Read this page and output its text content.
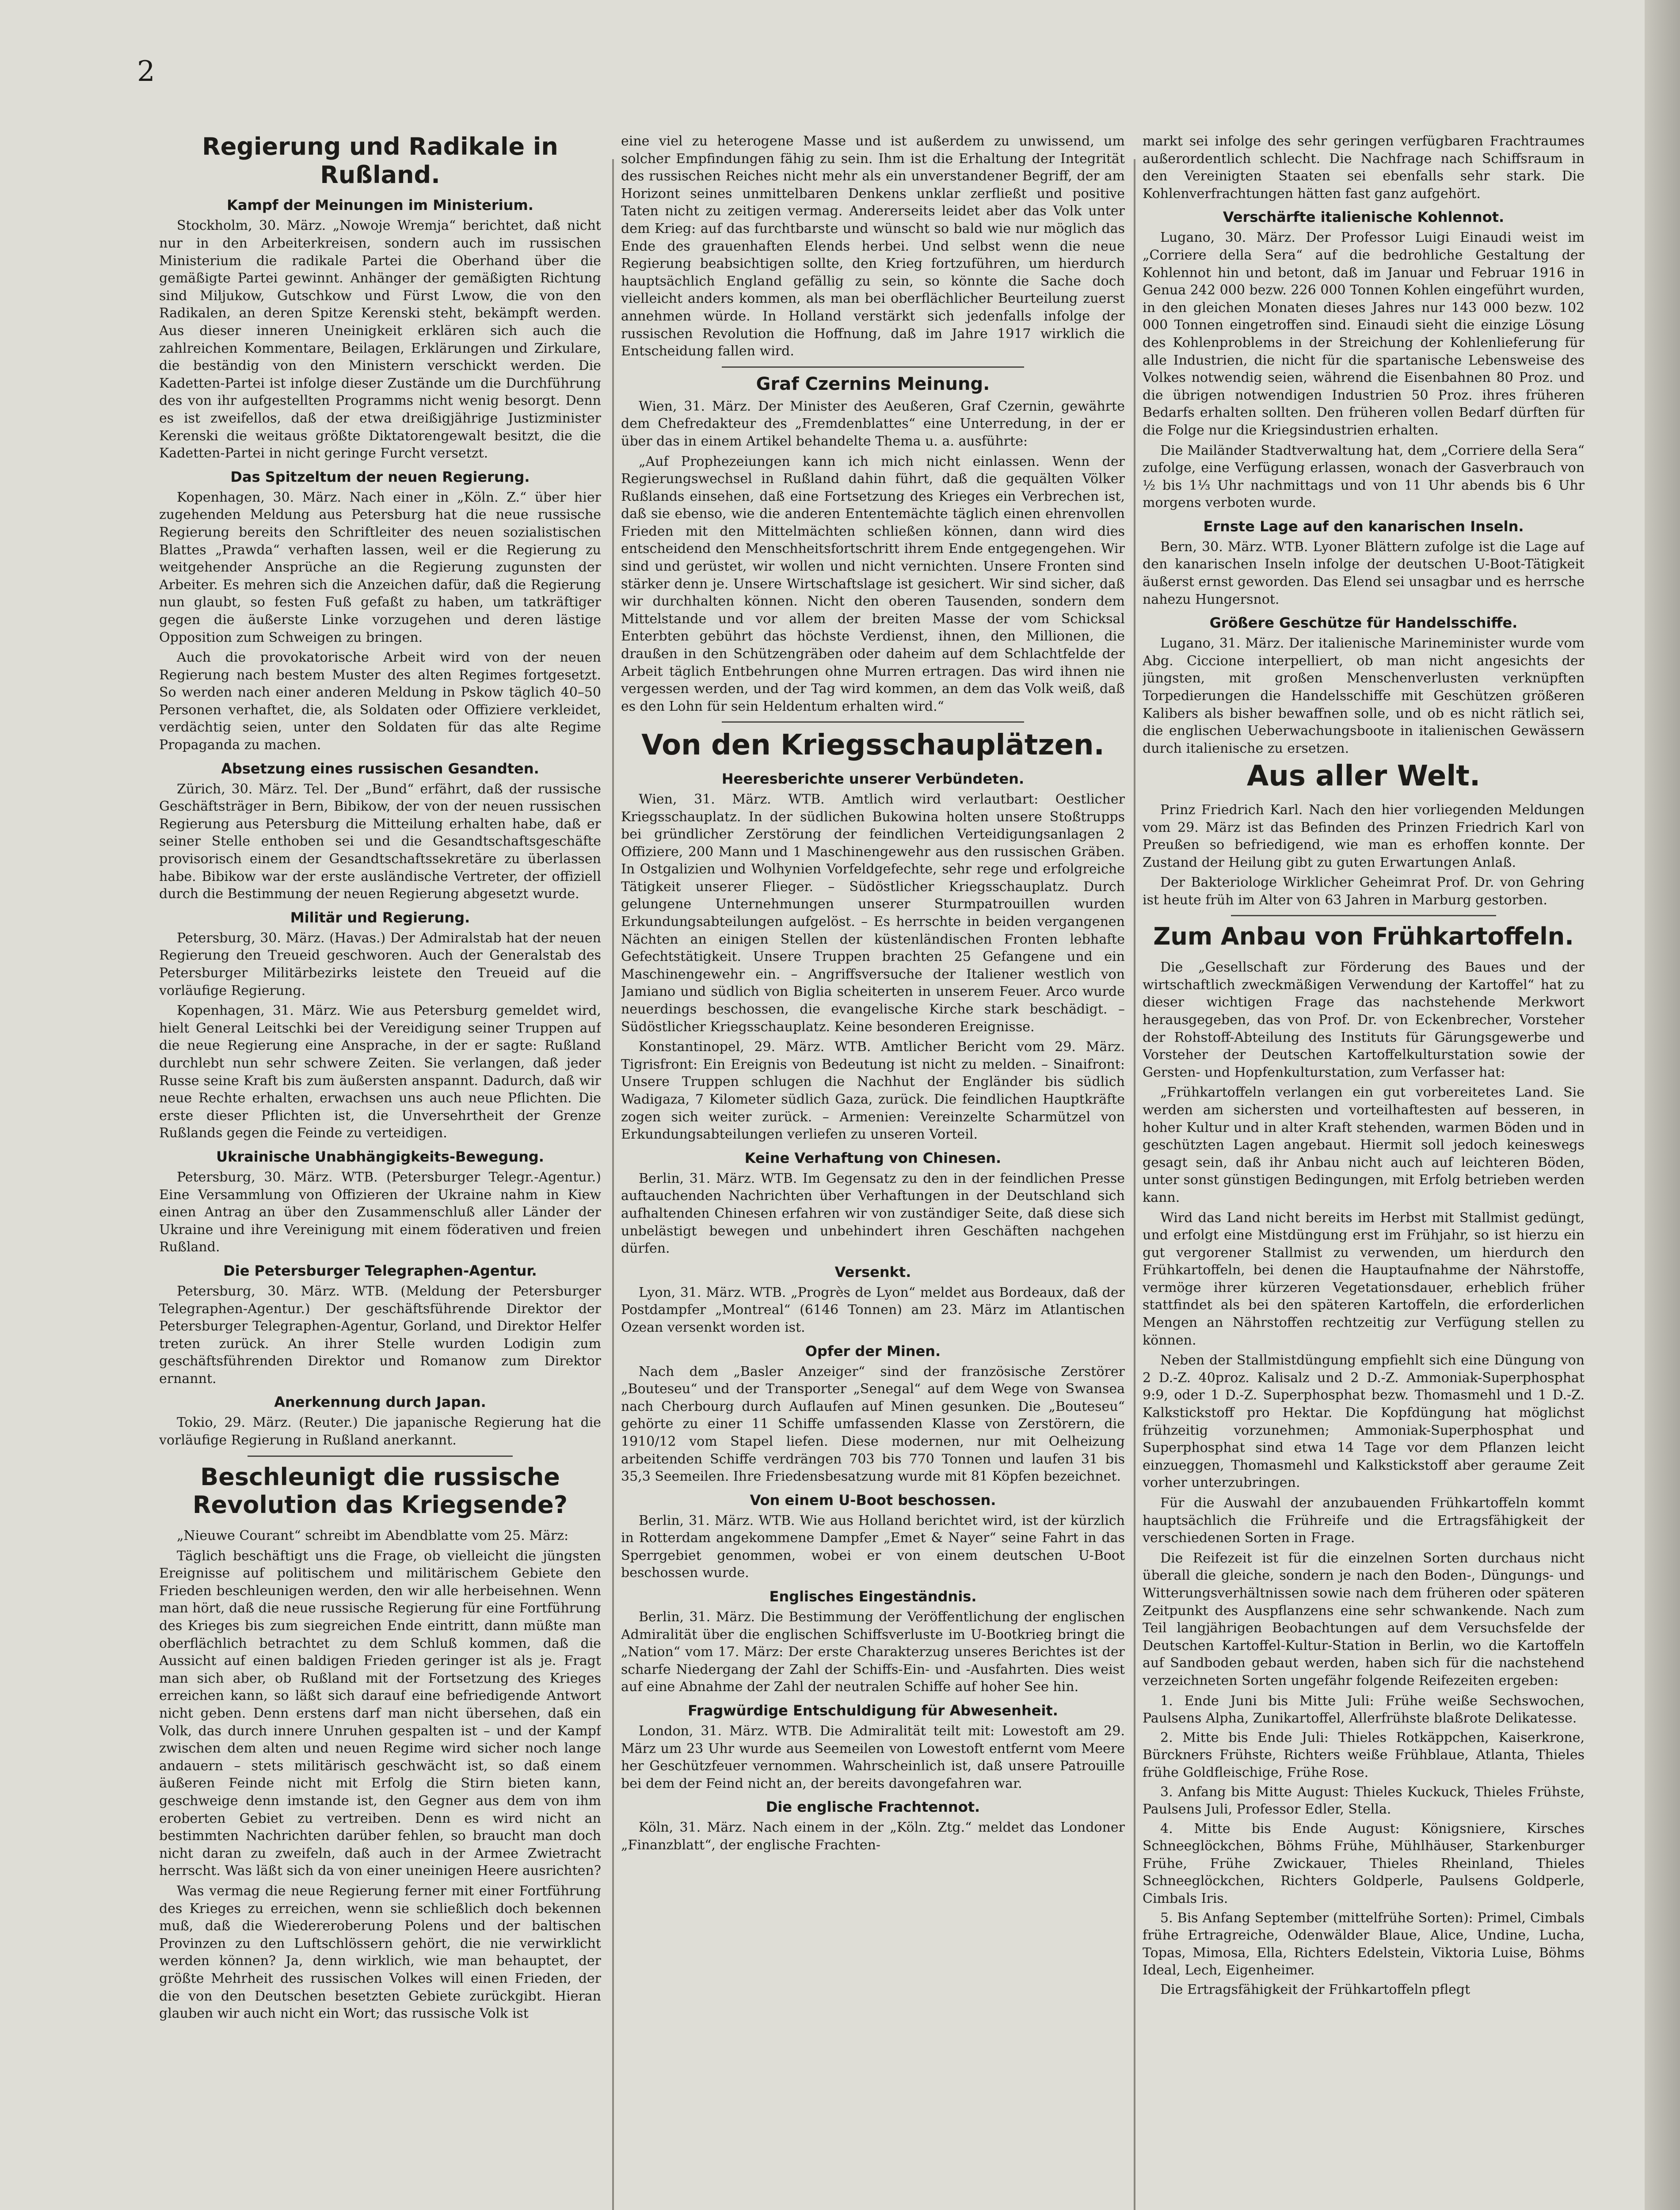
2
Regierung und Radikale in Rußland.
Kampf der Meinungen im Ministerium.

Stockholm, 30. März. „Nowoje Wremja“ berichtet, daß nicht nur in den Arbeiterkreisen, sondern auch im russischen Ministerium die radikale Partei die Oberhand über die gemäßigte Partei gewinnt. Anhänger der gemäßigten Richtung sind Miljukow, Gutschkow und Fürst Lwow, die von den Radikalen, an deren Spitze Kerenski steht, bekämpft werden. Aus dieser inneren Uneinigkeit erklären sich auch die zahlreichen Kommentare, Beilagen, Erklärungen und Zirkulare, die beständig von den Ministern verschickt werden. Die Kadetten-Partei ist infolge dieser Zustände um die Durchführung des von ihr aufgestellten Programms nicht wenig besorgt. Denn es ist zweifellos, daß der etwa dreißigjährige Justizminister Kerenski die weitaus größte Diktatorengewalt besitzt, die die Kadetten-Partei in nicht geringe Furcht versetzt.

Das Spitzeltum der neuen Regierung.

Kopenhagen, 30. März. Nach einer in „Köln. Z.“ über hier zugehenden Meldung aus Petersburg hat die neue russische Regierung bereits den Schriftleiter des neuen sozialistischen Blattes „Prawda“ verhaften lassen, weil er die Regierung zu weitgehender Ansprüche an die Regierung zugunsten der Arbeiter. Es mehren sich die Anzeichen dafür, daß die Regierung nun glaubt, so festen Fuß gefaßt zu haben, um tatkräftiger gegen die äußerste Linke vorzugehen und deren lästige Opposition zum Schweigen zu bringen.

Auch die provokatorische Arbeit wird von der neuen Regierung nach bestem Muster des alten Regimes fortgesetzt. So werden nach einer anderen Meldung in Pskow täglich 40–50 Personen verhaftet, die, als Soldaten oder Offiziere verkleidet, verdächtig seien, unter den Soldaten für das alte Regime Propaganda zu machen.

Absetzung eines russischen Gesandten.

Zürich, 30. März. Tel. Der „Bund“ erfährt, daß der russische Geschäftsträger in Bern, Bibikow, der von der neuen russischen Regierung aus Petersburg die Mitteilung erhalten habe, daß er seiner Stelle enthoben sei und die Gesandtschaftsgeschäfte provisorisch einem der Gesandtschaftssekretäre zu überlassen habe. Bibikow war der erste ausländische Vertreter, der offiziell durch die Bestimmung der neuen Regierung abgesetzt wurde.

Militär und Regierung.

Petersburg, 30. März. (Havas.) Der Admiralstab hat der neuen Regierung den Treueid geschworen. Auch der Generalstab des Petersburger Militärbezirks leistete den Treueid auf die vorläufige Regierung.

Kopenhagen, 31. März. Wie aus Petersburg gemeldet wird, hielt General Leitschki bei der Vereidigung seiner Truppen auf die neue Regierung eine Ansprache, in der er sagte: Rußland durchlebt nun sehr schwere Zeiten. Sie verlangen, daß jeder Russe seine Kraft bis zum äußersten anspannt. Dadurch, daß wir neue Rechte erhalten, erwachsen uns auch neue Pflichten. Die erste dieser Pflichten ist, die Unversehrtheit der Grenze Rußlands gegen die Feinde zu verteidigen.

Ukrainische Unabhängigkeits-Bewegung.

Petersburg, 30. März. WTB. (Petersburger Telegr.-Agentur.) Eine Versammlung von Offizieren der Ukraine nahm in Kiew einen Antrag an über den Zusammenschluß aller Länder der Ukraine und ihre Vereinigung mit einem föderativen und freien Rußland.

Die Petersburger Telegraphen-Agentur.

Petersburg, 30. März. WTB. (Meldung der Petersburger Telegraphen-Agentur.) Der geschäftsführende Direktor der Petersburger Telegraphen-Agentur, Gorland, und Direktor Helfer treten zurück. An ihrer Stelle wurden Lodigin zum geschäftsführenden Direktor und Romanow zum Direktor ernannt.

Anerkennung durch Japan.

Tokio, 29. März. (Reuter.) Die japanische Regierung hat die vorläufige Regierung in Rußland anerkannt.

Beschleunigt die russische Revolution das Kriegsende?

„Nieuwe Courant“ schreibt im Abendblatte vom 25. März:

Täglich beschäftigt uns die Frage, ob vielleicht die jüngsten Ereignisse auf politischem und militärischem Gebiete den Frieden beschleunigen werden, den wir alle herbeisehnen. Wenn man hört, daß die neue russische Regierung für eine Fortführung des Krieges bis zum siegreichen Ende eintritt, dann müßte man oberflächlich betrachtet zu dem Schluß kommen, daß die Aussicht auf einen baldigen Frieden geringer ist als je. Fragt man sich aber, ob Rußland mit der Fortsetzung des Krieges erreichen kann, so läßt sich darauf eine befriedigende Antwort nicht geben. Denn erstens darf man nicht übersehen, daß ein Volk, das durch innere Unruhen gespalten ist – und der Kampf zwischen dem alten und neuen Regime wird sicher noch lange andauern – stets militärisch geschwächt ist, so daß einem äußeren Feinde nicht mit Erfolg die Stirn bieten kann, geschweige denn imstande ist, den Gegner aus dem von ihm eroberten Gebiet zu vertreiben. Denn es wird nicht an bestimmten Nachrichten darüber fehlen, so braucht man doch nicht daran zu zweifeln, daß auch in der Armee Zwietracht herrscht. Was läßt sich da von einer uneinigen Heere ausrichten?

Was vermag die neue Regierung ferner mit einer Fortführung des Krieges zu erreichen, wenn sie schließlich doch bekennen muß, daß die Wiedereroberung Polens und der baltischen Provinzen zu den Luftschlössern gehört, die nie verwirklicht werden können? Ja, denn wirklich, wie man behauptet, der größte Mehrheit des russischen Volkes will einen Frieden, der die von den Deutschen besetzten Gebiete zurückgibt. Hieran glauben wir auch nicht ein Wort; das russische Volk ist

eine viel zu heterogene Masse und ist außerdem zu unwissend, um solcher Empfindungen fähig zu sein. Ihm ist die Erhaltung der Integrität des russischen Reiches nicht mehr als ein unverstandener Begriff, der am Horizont seines unmittelbaren Denkens unklar zerfließt und positive Taten nicht zu zeitigen vermag. Andererseits leidet aber das Volk unter dem Krieg: auf das furchtbarste und wünscht so bald wie nur möglich das Ende des grauenhaften Elends herbei. Und selbst wenn die neue Regierung beabsichtigen sollte, den Krieg fortzuführen, um hierdurch hauptsächlich England gefällig zu sein, so könnte die Sache doch vielleicht anders kommen, als man bei oberflächlicher Beurteilung zuerst annehmen würde. In Holland verstärkt sich jedenfalls infolge der russischen Revolution die Hoffnung, daß im Jahre 1917 wirklich die Entscheidung fallen wird.

Graf Czernins Meinung.

Wien, 31. März. Der Minister des Aeußeren, Graf Czernin, gewährte dem Chefredakteur des „Fremdenblattes“ eine Unterredung, in der er über das in einem Artikel behandelte Thema u. a. ausführte:

„Auf Prophezeiungen kann ich mich nicht einlassen. Wenn der Regierungswechsel in Rußland dahin führt, daß die gequälten Völker Rußlands einsehen, daß eine Fortsetzung des Krieges ein Verbrechen ist, daß sie ebenso, wie die anderen Ententemächte täglich einen ehrenvollen Frieden mit den Mittelmächten schließen können, dann wird dies entscheidend den Menschheitsfortschritt ihrem Ende entgegengehen. Wir sind und gerüstet, wir wollen und nicht vernichten. Unsere Fronten sind stärker denn je. Unsere Wirtschaftslage ist gesichert. Wir sind sicher, daß wir durchhalten können. Nicht den oberen Tausenden, sondern dem Mittelstande und vor allem der breiten Masse der vom Schicksal Enterbten gebührt das höchste Verdienst, ihnen, den Millionen, die draußen in den Schützengräben oder daheim auf dem Schlachtfelde der Arbeit täglich Entbehrungen ohne Murren ertragen. Das wird ihnen nie vergessen werden, und der Tag wird kommen, an dem das Volk weiß, daß es den Lohn für sein Heldentum erhalten wird.“

Von den Kriegsschauplätzen.
Heeresberichte unserer Verbündeten.

Wien, 31. März. WTB. Amtlich wird verlautbart: Oestlicher Kriegsschauplatz. In der südlichen Bukowina holten unsere Stoßtrupps bei gründlicher Zerstörung der feindlichen Verteidigungsanlagen 2 Offiziere, 200 Mann und 1 Maschinengewehr aus den russischen Gräben. In Ostgalizien und Wolhynien Vorfeldgefechte, sehr rege und erfolgreiche Tätigkeit unserer Flieger. – Südöstlicher Kriegsschauplatz. Durch gelungene Unternehmungen unserer Sturmpatrouillen wurden Erkundungsabteilungen aufgelöst. – Es herrschte in beiden vergangenen Nächten an einigen Stellen der küstenländischen Fronten lebhafte Gefechtstätigkeit. Unsere Truppen brachten 25 Gefangene und ein Maschinengewehr ein. – Angriffsversuche der Italiener westlich von Jamiano und südlich von Biglia scheiterten in unserem Feuer. Arco wurde neuerdings beschossen, die evangelische Kirche stark beschädigt. – Südöstlicher Kriegsschauplatz. Keine besonderen Ereignisse.

Konstantinopel, 29. März. WTB. Amtlicher Bericht vom 29. März. Tigrisfront: Ein Ereignis von Bedeutung ist nicht zu melden. – Sinaifront: Unsere Truppen schlugen die Nachhut der Engländer bis südlich Wadigaza, 7 Kilometer südlich Gaza, zurück. Die feindlichen Hauptkräfte zogen sich weiter zurück. – Armenien: Vereinzelte Scharmützel von Erkundungsabteilungen verliefen zu unseren Vorteil.

Keine Verhaftung von Chinesen.

Berlin, 31. März. WTB. Im Gegensatz zu den in der feindlichen Presse auftauchenden Nachrichten über Verhaftungen in der Deutschland sich aufhaltenden Chinesen erfahren wir von zuständiger Seite, daß diese sich unbelästigt bewegen und unbehindert ihren Geschäften nachgehen dürfen.

Versenkt.

Lyon, 31. März. WTB. „Progrès de Lyon“ meldet aus Bordeaux, daß der Postdampfer „Montreal“ (6146 Tonnen) am 23. März im Atlantischen Ozean versenkt worden ist.

Opfer der Minen.

Nach dem „Basler Anzeiger“ sind der französische Zerstörer „Bouteseu“ und der Transporter „Senegal“ auf dem Wege von Swansea nach Cherbourg durch Auflaufen auf Minen gesunken. Die „Bouteseu“ gehörte zu einer 11 Schiffe umfassenden Klasse von Zerstörern, die 1910/12 vom Stapel liefen. Diese modernen, nur mit Oelheizung arbeitenden Schiffe verdrängen 703 bis 770 Tonnen und laufen 31 bis 35,3 Seemeilen. Ihre Friedensbesatzung wurde mit 81 Köpfen bezeichnet.

Von einem U-Boot beschossen.

Berlin, 31. März. WTB. Wie aus Holland berichtet wird, ist der kürzlich in Rotterdam angekommene Dampfer „Emet & Nayer“ seine Fahrt in das Sperrgebiet genommen, wobei er von einem deutschen U-Boot beschossen wurde.

Englisches Eingeständnis.

Berlin, 31. März. Die Bestimmung der Veröffentlichung der englischen Admiralität über die englischen Schiffsverluste im U-Bootkrieg bringt die „Nation“ vom 17. März: Der erste Charakterzug unseres Berichtes ist der scharfe Niedergang der Zahl der Schiffs-Ein- und -Ausfahrten. Dies weist auf eine Abnahme der Zahl der neutralen Schiffe auf hoher See hin.

Fragwürdige Entschuldigung für Abwesenheit.

London, 31. März. WTB. Die Admiralität teilt mit: Lowestoft am 29. März um 23 Uhr wurde aus Seemeilen von Lowestoft entfernt vom Meere her Geschützfeuer vernommen. Wahrscheinlich ist, daß unsere Patrouille bei dem der Feind nicht an, der bereits davongefahren war.

Die englische Frachtennot.

Köln, 31. März. Nach einem in der „Köln. Ztg.“ meldet das Londoner „Finanzblatt“, der englische Frachten-

markt sei infolge des sehr geringen verfügbaren Frachtraumes außerordentlich schlecht. Die Nachfrage nach Schiffsraum in den Vereinigten Staaten sei ebenfalls sehr stark. Die Kohlenverfrachtungen hätten fast ganz aufgehört.

Verschärfte italienische Kohlennot.

Lugano, 30. März. Der Professor Luigi Einaudi weist im „Corriere della Sera“ auf die bedrohliche Gestaltung der Kohlennot hin und betont, daß im Januar und Februar 1916 in Genua 242 000 bezw. 226 000 Tonnen Kohlen eingeführt wurden, in den gleichen Monaten dieses Jahres nur 143 000 bezw. 102 000 Tonnen eingetroffen sind. Einaudi sieht die einzige Lösung des Kohlenproblems in der Streichung der Kohlenlieferung für alle Industrien, die nicht für die spartanische Lebensweise des Volkes notwendig seien, während die Eisenbahnen 80 Proz. und die übrigen notwendigen Industrien 50 Proz. ihres früheren Bedarfs erhalten sollten. Den früheren vollen Bedarf dürften für die Folge nur die Kriegsindustrien erhalten.

Die Mailänder Stadtverwaltung hat, dem „Corriere della Sera“ zufolge, eine Verfügung erlassen, wonach der Gasverbrauch von ½ bis 1⅓ Uhr nachmittags und von 11 Uhr abends bis 6 Uhr morgens verboten wurde.

Ernste Lage auf den kanarischen Inseln.

Bern, 30. März. WTB. Lyoner Blättern zufolge ist die Lage auf den kanarischen Inseln infolge der deutschen U-Boot-Tätigkeit äußerst ernst geworden. Das Elend sei unsagbar und es herrsche nahezu Hungersnot.

Größere Geschütze für Handelsschiffe.

Lugano, 31. März. Der italienische Marineminister wurde vom Abg. Ciccione interpelliert, ob man nicht angesichts der jüngsten, mit großen Menschenverlusten verknüpften Torpedierungen die Handelsschiffe mit Geschützen größeren Kalibers als bisher bewaffnen solle, und ob es nicht rätlich sei, die englischen Ueberwachungsboote in italienischen Gewässern durch italienische zu ersetzen.

Aus aller Welt.

Prinz Friedrich Karl. Nach den hier vorliegenden Meldungen vom 29. März ist das Befinden des Prinzen Friedrich Karl von Preußen so befriedigend, wie man es erhoffen konnte. Der Zustand der Heilung gibt zu guten Erwartungen Anlaß.

Der Bakteriologe Wirklicher Geheimrat Prof. Dr. von Gehring ist heute früh im Alter von 63 Jahren in Marburg gestorben.

Zum Anbau von Frühkartoffeln.

Die „Gesellschaft zur Förderung des Baues und der wirtschaftlich zweckmäßigen Verwendung der Kartoffel“ hat zu dieser wichtigen Frage das nachstehende Merkwort herausgegeben, das von Prof. Dr. von Eckenbrecher, Vorsteher der Rohstoff-Abteilung des Instituts für Gärungsgewerbe und Vorsteher der Deutschen Kartoffelkulturstation sowie der Gersten- und Hopfenkulturstation, zum Verfasser hat:

„Frühkartoffeln verlangen ein gut vorbereitetes Land. Sie werden am sichersten und vorteilhaftesten auf besseren, in hoher Kultur und in alter Kraft stehenden, warmen Böden und in geschützten Lagen angebaut. Hiermit soll jedoch keineswegs gesagt sein, daß ihr Anbau nicht auch auf leichteren Böden, unter sonst günstigen Bedingungen, mit Erfolg betrieben werden kann.

Wird das Land nicht bereits im Herbst mit Stallmist gedüngt, und erfolgt eine Mistdüngung erst im Frühjahr, so ist hierzu ein gut vergorener Stallmist zu verwenden, um hierdurch den Frühkartoffeln, bei denen die Hauptaufnahme der Nährstoffe, vermöge ihrer kürzeren Vegetationsdauer, erheblich früher stattfindet als bei den späteren Kartoffeln, die erforderlichen Mengen an Nährstoffen rechtzeitig zur Verfügung stellen zu können.

Neben der Stallmistdüngung empfiehlt sich eine Düngung von 2 D.-Z. 40proz. Kalisalz und 2 D.-Z. Ammoniak-Superphosphat 9:9, oder 1 D.-Z. Superphosphat bezw. Thomasmehl und 1 D.-Z. Kalkstickstoff pro Hektar. Die Kopfdüngung hat möglichst frühzeitig vorzunehmen; Ammoniak-Superphosphat und Superphosphat sind etwa 14 Tage vor dem Pflanzen leicht einzueggen, Thomasmehl und Kalkstickstoff aber geraume Zeit vorher unterzubringen.

Für die Auswahl der anzubauenden Frühkartoffeln kommt hauptsächlich die Frühreife und die Ertragsfähigkeit der verschiedenen Sorten in Frage.

Die Reifezeit ist für die einzelnen Sorten durchaus nicht überall die gleiche, sondern je nach den Boden-, Düngungs- und Witterungsverhältnissen sowie nach dem früheren oder späteren Zeitpunkt des Auspflanzens eine sehr schwankende. Nach zum Teil langjährigen Beobachtungen auf dem Versuchsfelde der Deutschen Kartoffel-Kultur-Station in Berlin, wo die Kartoffeln auf Sandboden gebaut werden, haben sich für die nachstehend verzeichneten Sorten ungefähr folgende Reifezeiten ergeben:

1. Ende Juni bis Mitte Juli: Frühe weiße Sechswochen, Paulsens Alpha, Zunikartoffel, Allerfrühste blaßrote Delikatesse.

2. Mitte bis Ende Juli: Thieles Rotkäppchen, Kaiserkrone, Bürckners Frühste, Richters weiße Frühblaue, Atlanta, Thieles frühe Goldfleischige, Frühe Rose.

3. Anfang bis Mitte August: Thieles Kuckuck, Thieles Frühste, Paulsens Juli, Professor Edler, Stella.

4. Mitte bis Ende August: Königsniere, Kirsches Schneeglöckchen, Böhms Frühe, Mühlhäuser, Starkenburger Frühe, Frühe Zwickauer, Thieles Rheinland, Thieles Schneeglöckchen, Richters Goldperle, Paulsens Goldperle, Cimbals Iris.

5. Bis Anfang September (mittelfrühe Sorten): Primel, Cimbals frühe Ertragreiche, Odenwälder Blaue, Alice, Undine, Lucha, Topas, Mimosa, Ella, Richters Edelstein, Viktoria Luise, Böhms Ideal, Lech, Eigenheimer.

Die Ertragsfähigkeit der Frühkartoffeln pflegt
